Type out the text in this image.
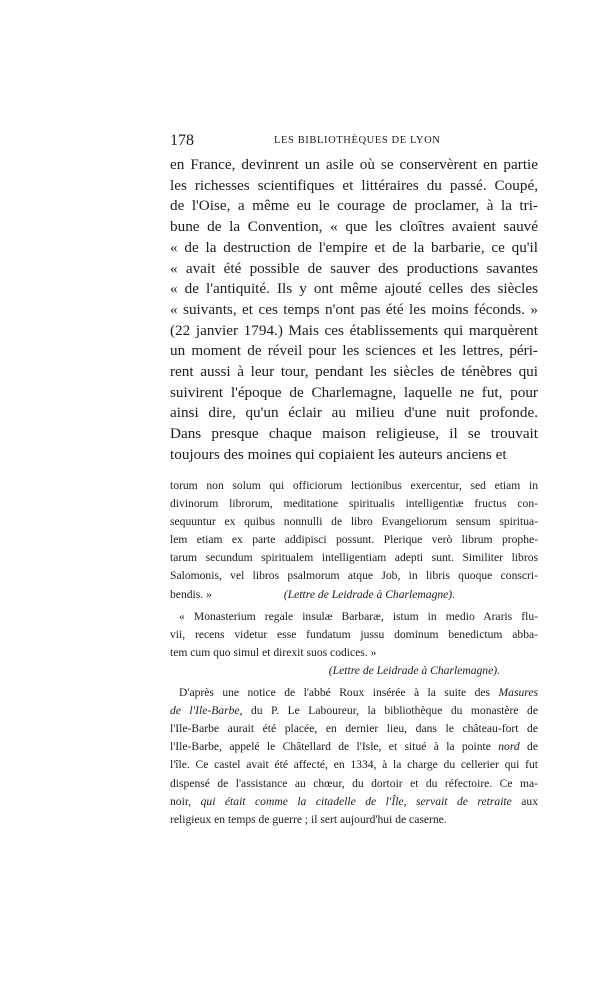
178	LES BIBLIOTHÈQUES DE LYON
en France, devinrent un asile où se conservèrent en partie
les richesses scientifiques et littéraires du passé. Coupé,
de l'Oise, a même eu le courage de proclamer, à la tri-
bune de la Convention, « que les cloîtres avaient sauvé
« de la destruction de l'empire et de la barbarie, ce qu'il
« avait été possible de sauver des productions savantes
« de l'antiquité. Ils y ont même ajouté celles des siècles
« suivants, et ces temps n'ont pas été les moins féconds. »
(22 janvier 1794.) Mais ces établissements qui marquèrent
un moment de réveil pour les sciences et les lettres, péri-
rent aussi à leur tour, pendant les siècles de ténèbres qui
suivirent l'époque de Charlemagne, laquelle ne fut, pour
ainsi dire, qu'un éclair au milieu d'une nuit profonde.
Dans presque chaque maison religieuse, il se trouvait
toujours des moines qui copiaient les auteurs anciens et
torum non solum qui officiorum lectionibus exercentur, sed etiam in
divinorum librorum, meditatione spiritualis intelligentiæ fructus con-
sequuntur ex quibus nonnulli de libro Evangeliorum sensum spiritua-
lem etiam ex parte addipisci possunt. Plerique verò librum prophe-
tarum secundum spiritualem intelligentiam adepti sunt. Similiter libros
Salomonis, vel libros psalmorum atque Job, in libris quoque conscri-
bendis. »	(Lettre de Leidrade à Charlemagne).
« Monasterium regale insulæ Barbaræ, istum in medio Araris flu-
vii, recens videtur esse fundatum jussu dominum benedictum abba-
tem cum quo simul et direxit suos codices. »
(Lettre de Leidrade à Charlemagne).
D'après une notice de l'abbé Roux insérée à la suite des Masures
de l'Ile-Barbe, du P. Le Laboureur, la bibliothèque du monastère de
l'Ile-Barbe aurait été placée, en dernier lieu, dans le château-fort de
l'Ile-Barbe, appelé le Châtellard de l'Isle, et situé à la pointe nord de
l'île. Ce castel avait été affecté, en 1334, à la charge du cellerier qui fut
dispensé de l'assistance au chœur, du dortoir et du réfectoire. Ce ma-
noir, qui était comme la citadelle de l'Île, servait de retraite aux
religieux en temps de guerre ; il sert aujourd'hui de caserne.
